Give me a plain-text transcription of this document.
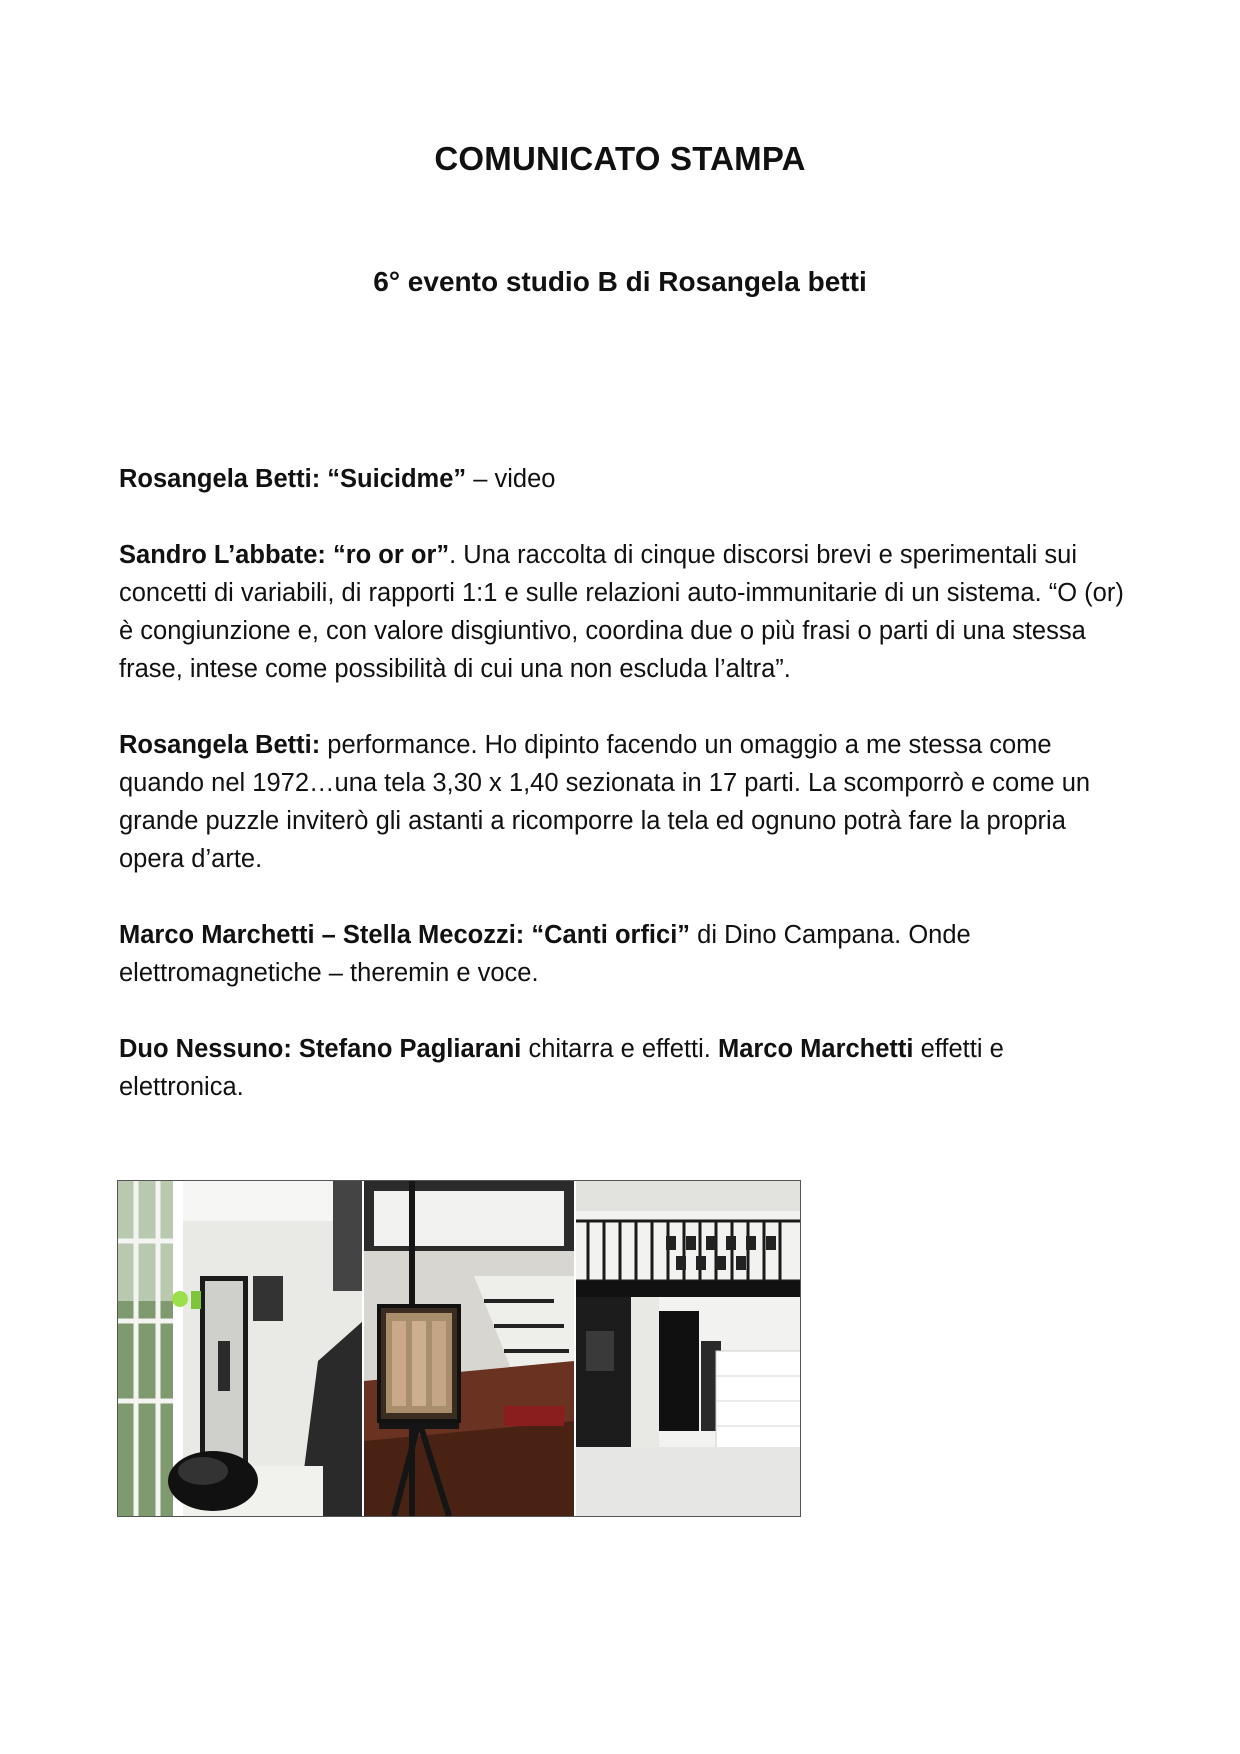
COMUNICATO STAMPA
6° evento studio B di Rosangela betti

Rosangela Betti: “Suicidme” – video

Sandro L’abbate: “ro or or”. Una raccolta di cinque discorsi brevi e sperimentali sui concetti di variabili, di rapporti 1:1 e sulle relazioni auto-immunitarie di un sistema. “O (or) è congiunzione e, con valore disgiuntivo, coordina due o più frasi o parti di una stessa frase, intese come possibilità di cui una non escluda l’altra”.

Rosangela Betti: performance. Ho dipinto facendo un omaggio a me stessa come quando nel 1972…una tela 3,30 x 1,40 sezionata in 17 parti. La scomporrò e come un grande puzzle inviterò gli astanti a ricomporre la tela ed ognuno potrà fare la propria opera d’arte.

Marco Marchetti – Stella Mecozzi: “Canti orfici” di Dino Campana. Onde elettromagnetiche – theremin e voce.

Duo Nessuno: Stefano Pagliarani chitarra e effetti. Marco Marchetti effetti e elettronica.
